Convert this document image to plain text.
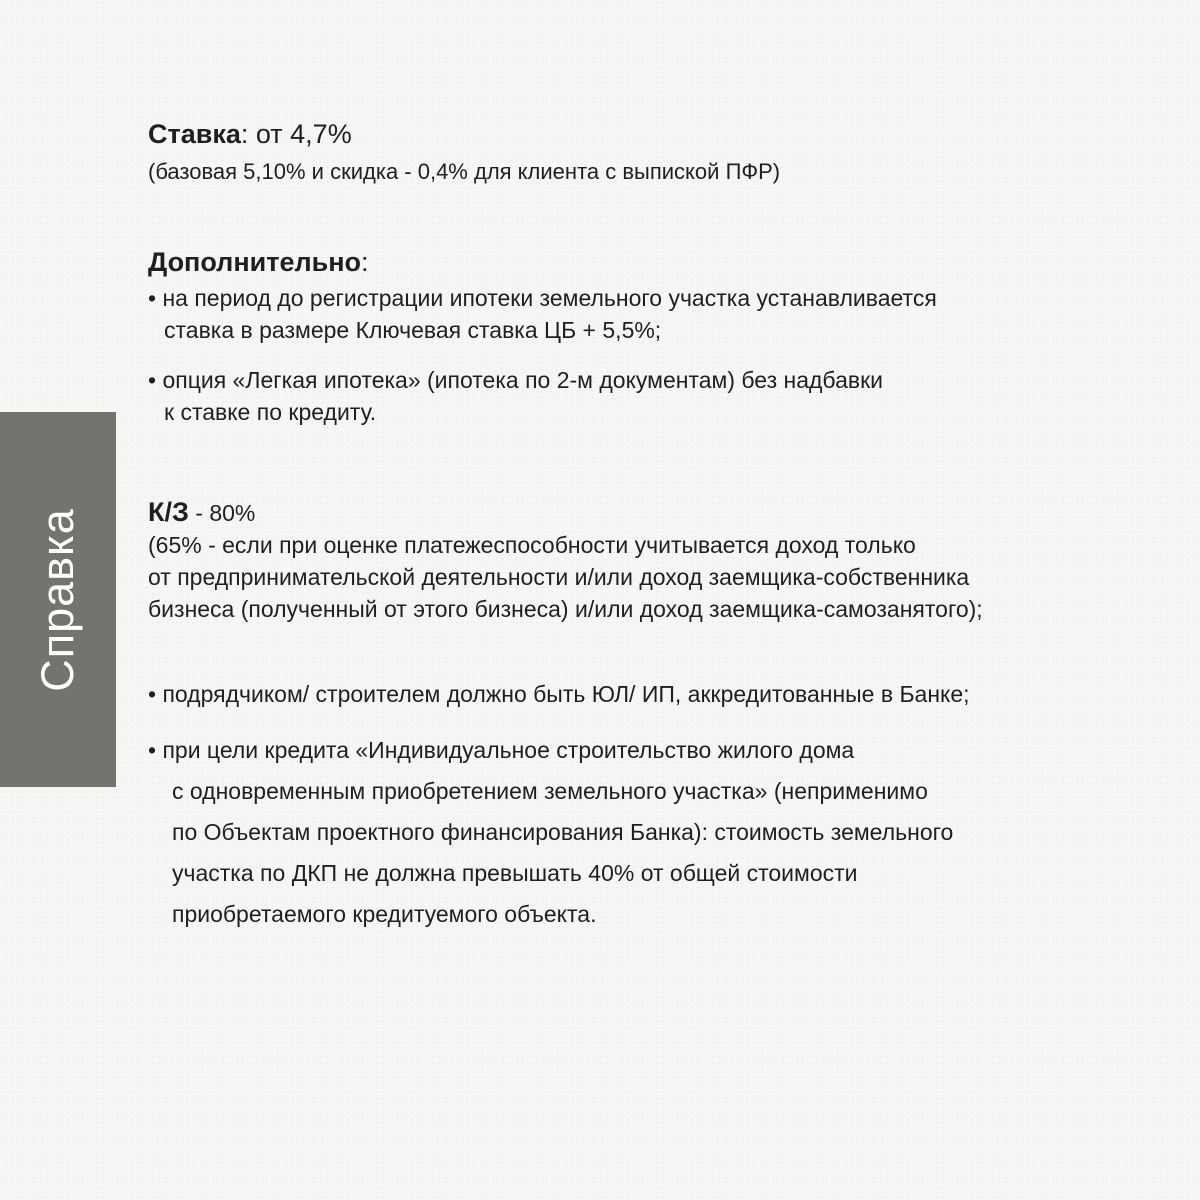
Справка
Ставка: от 4,7%
(базовая 5,10% и скидка - 0,4% для клиента с выпиской ПФР)
Дополнительно:
• на период до регистрации ипотеки земельного участка устанавливается
ставка в размере Ключевая ставка ЦБ + 5,5%;
• опция «Легкая ипотека» (ипотека по 2-м документам) без надбавки
к ставке по кредиту.
К/З - 80%
(65% - если при оценке платежеспособности учитывается доход только
от предпринимательской деятельности и/или доход заемщика-собственника
бизнеса (полученный от этого бизнеса) и/или доход заемщика-самозанятого);
• подрядчиком/ строителем должно быть ЮЛ/ ИП, аккредитованные в Банке;
• при цели кредита «Индивидуальное строительство жилого дома
с одновременным приобретением земельного участка» (неприменимо
по Объектам проектного финансирования Банка): стоимость земельного
участка по ДКП не должна превышать 40% от общей стоимости
приобретаемого кредитуемого объекта.
